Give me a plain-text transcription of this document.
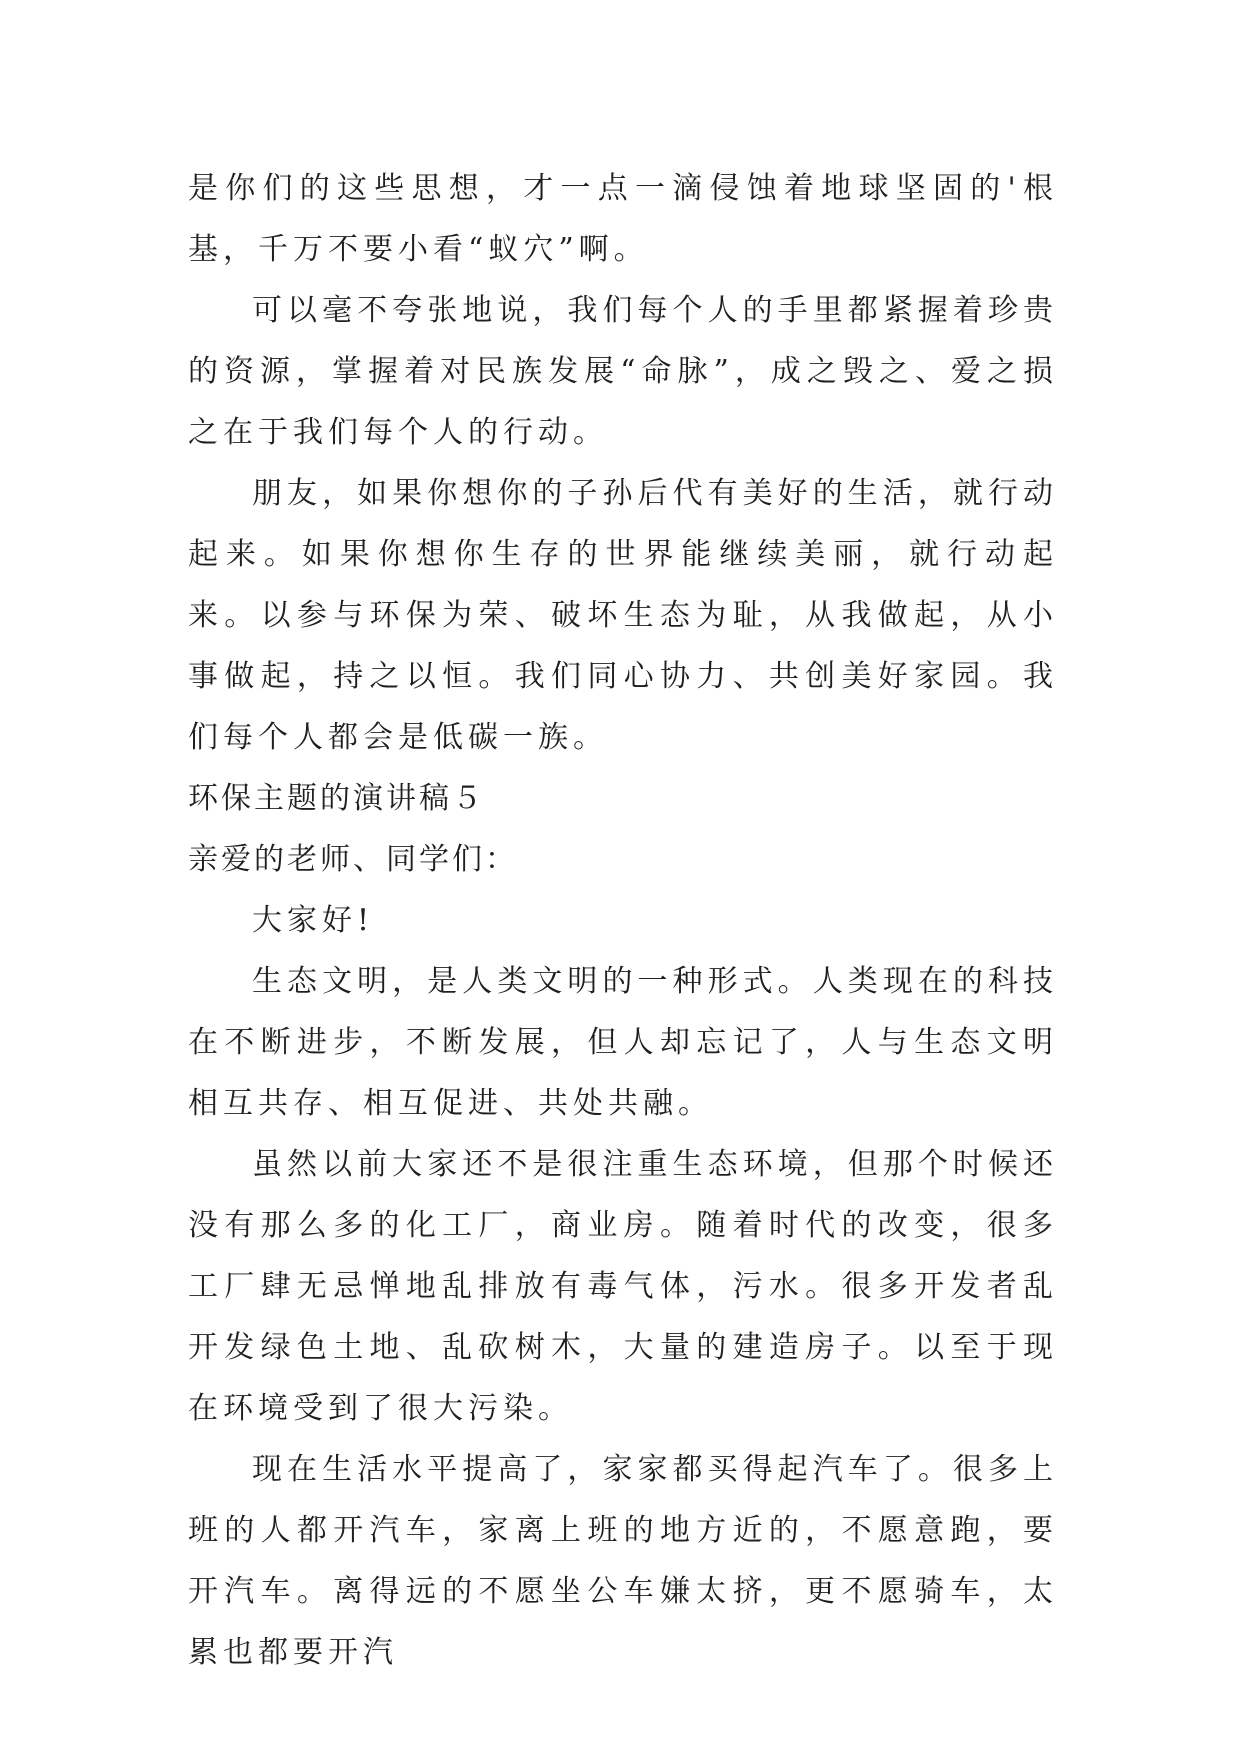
是你们的这些思想，才一点一滴侵蚀着地球坚固的'根基，千万不要小看“蚁穴”啊。

可以毫不夸张地说，我们每个人的手里都紧握着珍贵的资源，掌握着对民族发展“命脉”，成之毁之、爱之损之在于我们每个人的行动。

朋友，如果你想你的子孙后代有美好的生活，就行动起来。如果你想你生存的世界能继续美丽，就行动起来。以参与环保为荣、破坏生态为耻，从我做起，从小事做起，持之以恒。我们同心协力、共创美好家园。我们每个人都会是低碳一族。

环保主题的演讲稿５

亲爱的老师、同学们：

大家好!

生态文明，是人类文明的一种形式。人类现在的科技在不断进步，不断发展，但人却忘记了，人与生态文明相互共存、相互促进、共处共融。

虽然以前大家还不是很注重生态环境，但那个时候还没有那么多的化工厂，商业房。随着时代的改变，很多工厂肆无忌惮地乱排放有毒气体，污水。很多开发者乱开发绿色土地、乱砍树木，大量的建造房子。以至于现在环境受到了很大污染。

现在生活水平提高了，家家都买得起汽车了。很多上班的人都开汽车，家离上班的地方近的，不愿意跑，要开汽车。离得远的不愿坐公车嫌太挤，更不愿骑车，太累也都要开汽
